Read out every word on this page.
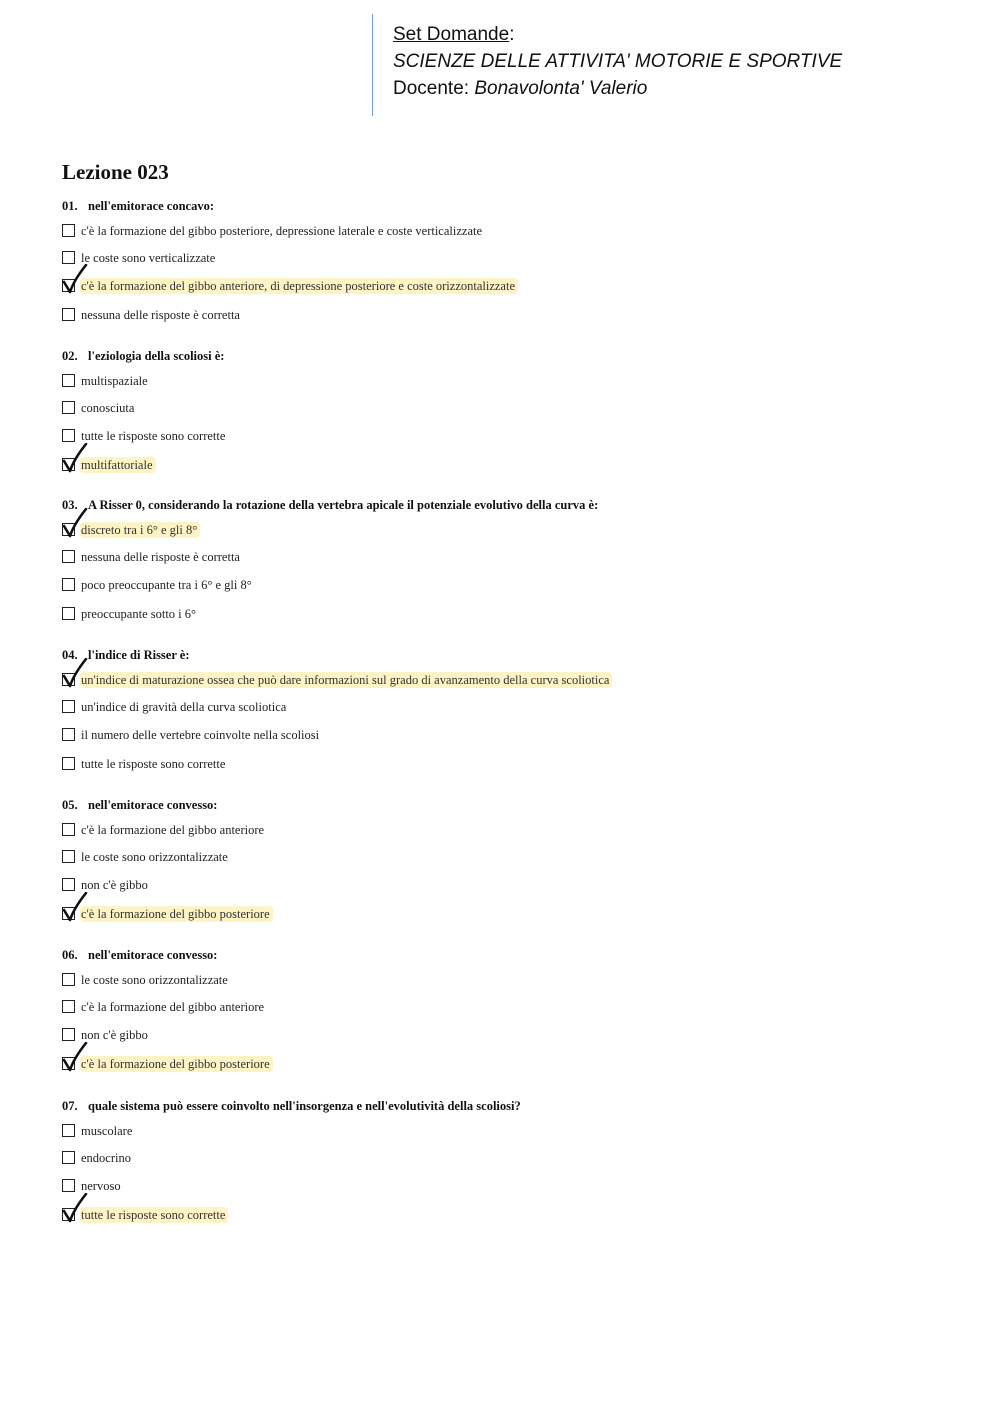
Set Domande:
SCIENZE DELLE ATTIVITA' MOTORIE E SPORTIVE
Docente: Bonavolonta' Valerio
Lezione 023
01. nell'emitorace concavo:
c'è la formazione del gibbo posteriore, depressione laterale e coste verticalizzate
le coste sono verticalizzate
c'è la formazione del gibbo anteriore, di depressione posteriore e coste orizzontalizzate
nessuna delle risposte è corretta
02. l'eziologia della scoliosi è:
multispaziale
conosciuta
tutte le risposte sono corrette
multifattoriale
03. A Risser 0, considerando la rotazione della vertebra apicale il potenziale evolutivo della curva è:
discreto tra i 6° e gli 8°
nessuna delle risposte è corretta
poco preoccupante tra i 6° e gli 8°
preoccupante sotto i 6°
04. l'indice di Risser è:
un'indice di maturazione ossea che può dare informazioni sul grado di avanzamento della curva scoliotica
un'indice di gravità della curva scoliotica
il numero delle vertebre coinvolte nella scoliosi
tutte le risposte sono corrette
05. nell'emitorace convesso:
c'è la formazione del gibbo anteriore
le coste sono orizzontalizzate
non c'è gibbo
c'è la formazione del gibbo posteriore
06. nell'emitorace convesso:
le coste sono orizzontalizzate
c'è la formazione del gibbo anteriore
non c'è gibbo
c'è la formazione del gibbo posteriore
07. quale sistema può essere coinvolto nell'insorgenza e nell'evolutività della scoliosi?
muscolare
endocrino
nervoso
tutte le risposte sono corrette
